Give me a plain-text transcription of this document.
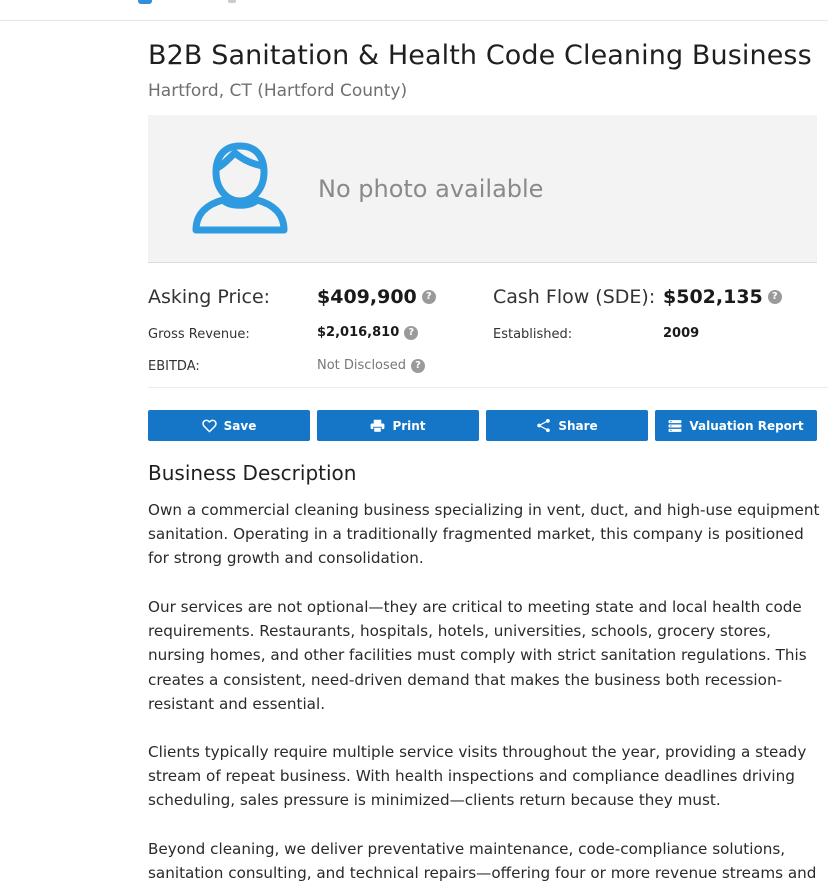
B2B Sanitation & Health Code Cleaning Business
Hartford, CT (Hartford County)
No photo available
Asking Price: $409,900 ?	Cash Flow (SDE): $502,135 ?
Gross Revenue:	$2,016,810 ?	Established:	2009
EBITDA:	Not Disclosed ?
Save	Print	Share	Valuation Report
Business Description

Own a commercial cleaning business specializing in vent, duct, and high-use equipment sanitation. Operating in a traditionally fragmented market, this company is positioned for strong growth and consolidation.

Our services are not optional—they are critical to meeting state and local health code requirements. Restaurants, hospitals, hotels, universities, schools, grocery stores, nursing homes, and other facilities must comply with strict sanitation regulations. This creates a consistent, need-driven demand that makes the business both recession-resistant and essential.

Clients typically require multiple service visits throughout the year, providing a steady stream of repeat business. With health inspections and compliance deadlines driving scheduling, sales pressure is minimized—clients return because they must.

Beyond cleaning, we deliver preventative maintenance, code-compliance solutions, sanitation consulting, and technical repairs—offering four or more revenue streams and
